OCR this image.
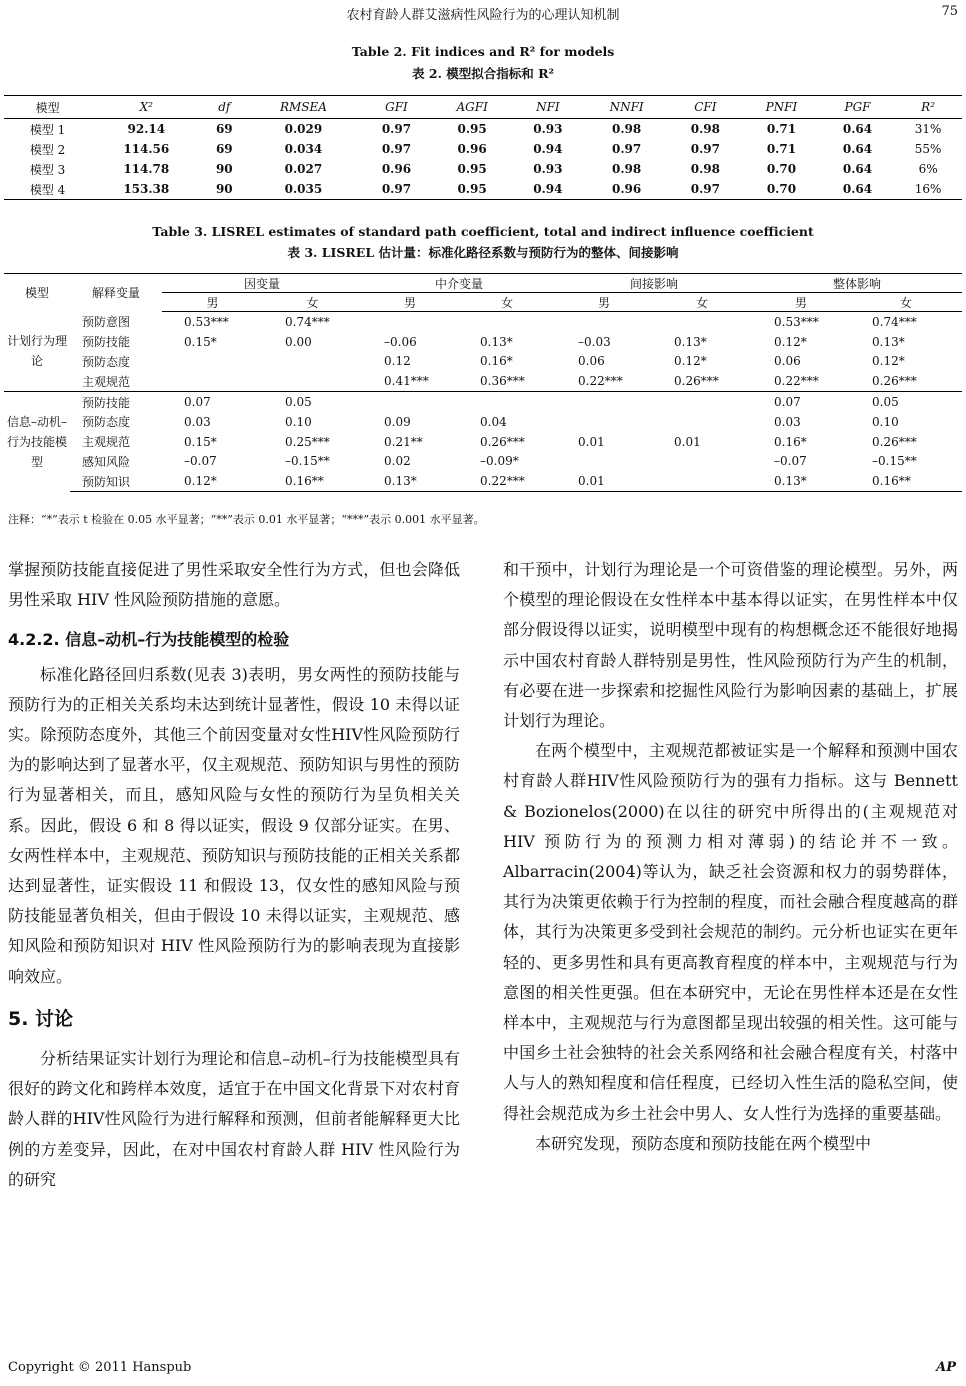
农村育龄人群艾滋病性风险行为的心理认知机制	75
Table 2. Fit indices and R² for models
表 2. 模型拟合指标和 R²
模型	X²	df	RMSEA	GFI	AGFI	NFI	NNFI	CFI	PNFI	PGF	R²
模型 1	92.14	69	0.029	0.97	0.95	0.93	0.98	0.98	0.71	0.64	31%
模型 2	114.56	69	0.034	0.97	0.96	0.94	0.97	0.97	0.71	0.64	55%
模型 3	114.78	90	0.027	0.96	0.95	0.93	0.98	0.98	0.70	0.64	6%
模型 4	153.38	90	0.035	0.97	0.95	0.94	0.96	0.97	0.70	0.64	16%
Table 3. LISREL estimates of standard path coefficient, total and indirect influence coefficient
表 3. LISREL 估计量：标准化路径系数与预防行为的整体、间接影响
模型	解释变量	因变量		中介变量		间接影响		整体影响	
		男	女	男	女	男	女	男	女
计划行为理论	预防意图	0.53***	0.74***					0.53***	0.74***
	预防技能	0.15*	0.00	–0.06	0.13*	–0.03	0.13*	0.12*	0.13*
	预防态度			0.12	0.16*	0.06	0.12*	0.06	0.12*
	主观规范			0.41***	0.36***	0.22***	0.26***	0.22***	0.26***
信息–动机–行为技能模型	预防技能	0.07	0.05					0.07	0.05
	预防态度	0.03	0.10	0.09	0.04			0.03	0.10
	主观规范	0.15*	0.25***	0.21**	0.26***	0.01	0.01	0.16*	0.26***
	感知风险	–0.07	–0.15**	0.02	–0.09*			–0.07	–0.15**
	预防知识	0.12*	0.16**	0.13*	0.22***	0.01		0.13*	0.16**
注释：“*”表示 t 检验在 0.05 水平显著；“**”表示 0.01 水平显著；“***”表示 0.001 水平显著。

掌握预防技能直接促进了男性采取安全性行为方式，但也会降低男性采取 HIV 性风险预防措施的意愿。

4.2.2. 信息–动机–行为技能模型的检验

标准化路径回归系数(见表 3)表明，男女两性的预防技能与预防行为的正相关关系均未达到统计显著性，假设 10 未得以证实。除预防态度外，其他三个前因变量对女性HIV性风险预防行为的影响达到了显著水平，仅主观规范、预防知识与男性的预防行为显著相关，而且，感知风险与女性的预防行为呈负相关关系。因此，假设 6 和 8 得以证实，假设 9 仅部分证实。在男、女两性样本中，主观规范、预防知识与预防技能的正相关关系都达到显著性，证实假设 11 和假设 13，仅女性的感知风险与预防技能显著负相关，但由于假设 10 未得以证实，主观规范、感知风险和预防知识对 HIV 性风险预防行为的影响表现为直接影响效应。

5. 讨论

分析结果证实计划行为理论和信息–动机–行为技能模型具有很好的跨文化和跨样本效度，适宜于在中国文化背景下对农村育龄人群的HIV性风险行为进行解释和预测，但前者能解释更大比例的方差变异，因此，在对中国农村育龄人群 HIV 性风险行为的研究

和干预中，计划行为理论是一个可资借鉴的理论模型。另外，两个模型的理论假设在女性样本中基本得以证实，在男性样本中仅部分假设得以证实，说明模型中现有的构想概念还不能很好地揭示中国农村育龄人群特别是男性，性风险预防行为产生的机制，有必要在进一步探索和挖掘性风险行为影响因素的基础上，扩展计划行为理论。

在两个模型中，主观规范都被证实是一个解释和预测中国农村育龄人群HIV性风险预防行为的强有力指标。这与 Bennett & Bozionelos(2000)在以往的研究中所得出的(主观规范对 HIV 预防行为的预测力相对薄弱)的结论并不一致。Albarracin(2004)等认为，缺乏社会资源和权力的弱势群体，其行为决策更依赖于行为控制的程度，而社会融合程度越高的群体，其行为决策更多受到社会规范的制约。元分析也证实在更年轻的、更多男性和具有更高教育程度的样本中，主观规范与行为意图的相关性更强。但在本研究中，无论在男性样本还是在女性样本中，主观规范与行为意图都呈现出较强的相关性。这可能与中国乡土社会独特的社会关系网络和社会融合程度有关，村落中人与人的熟知程度和信任程度，已经切入性生活的隐私空间，使得社会规范成为乡土社会中男人、女人性行为选择的重要基础。

本研究发现，预防态度和预防技能在两个模型中

Copyright © 2011 Hanspub	AP
